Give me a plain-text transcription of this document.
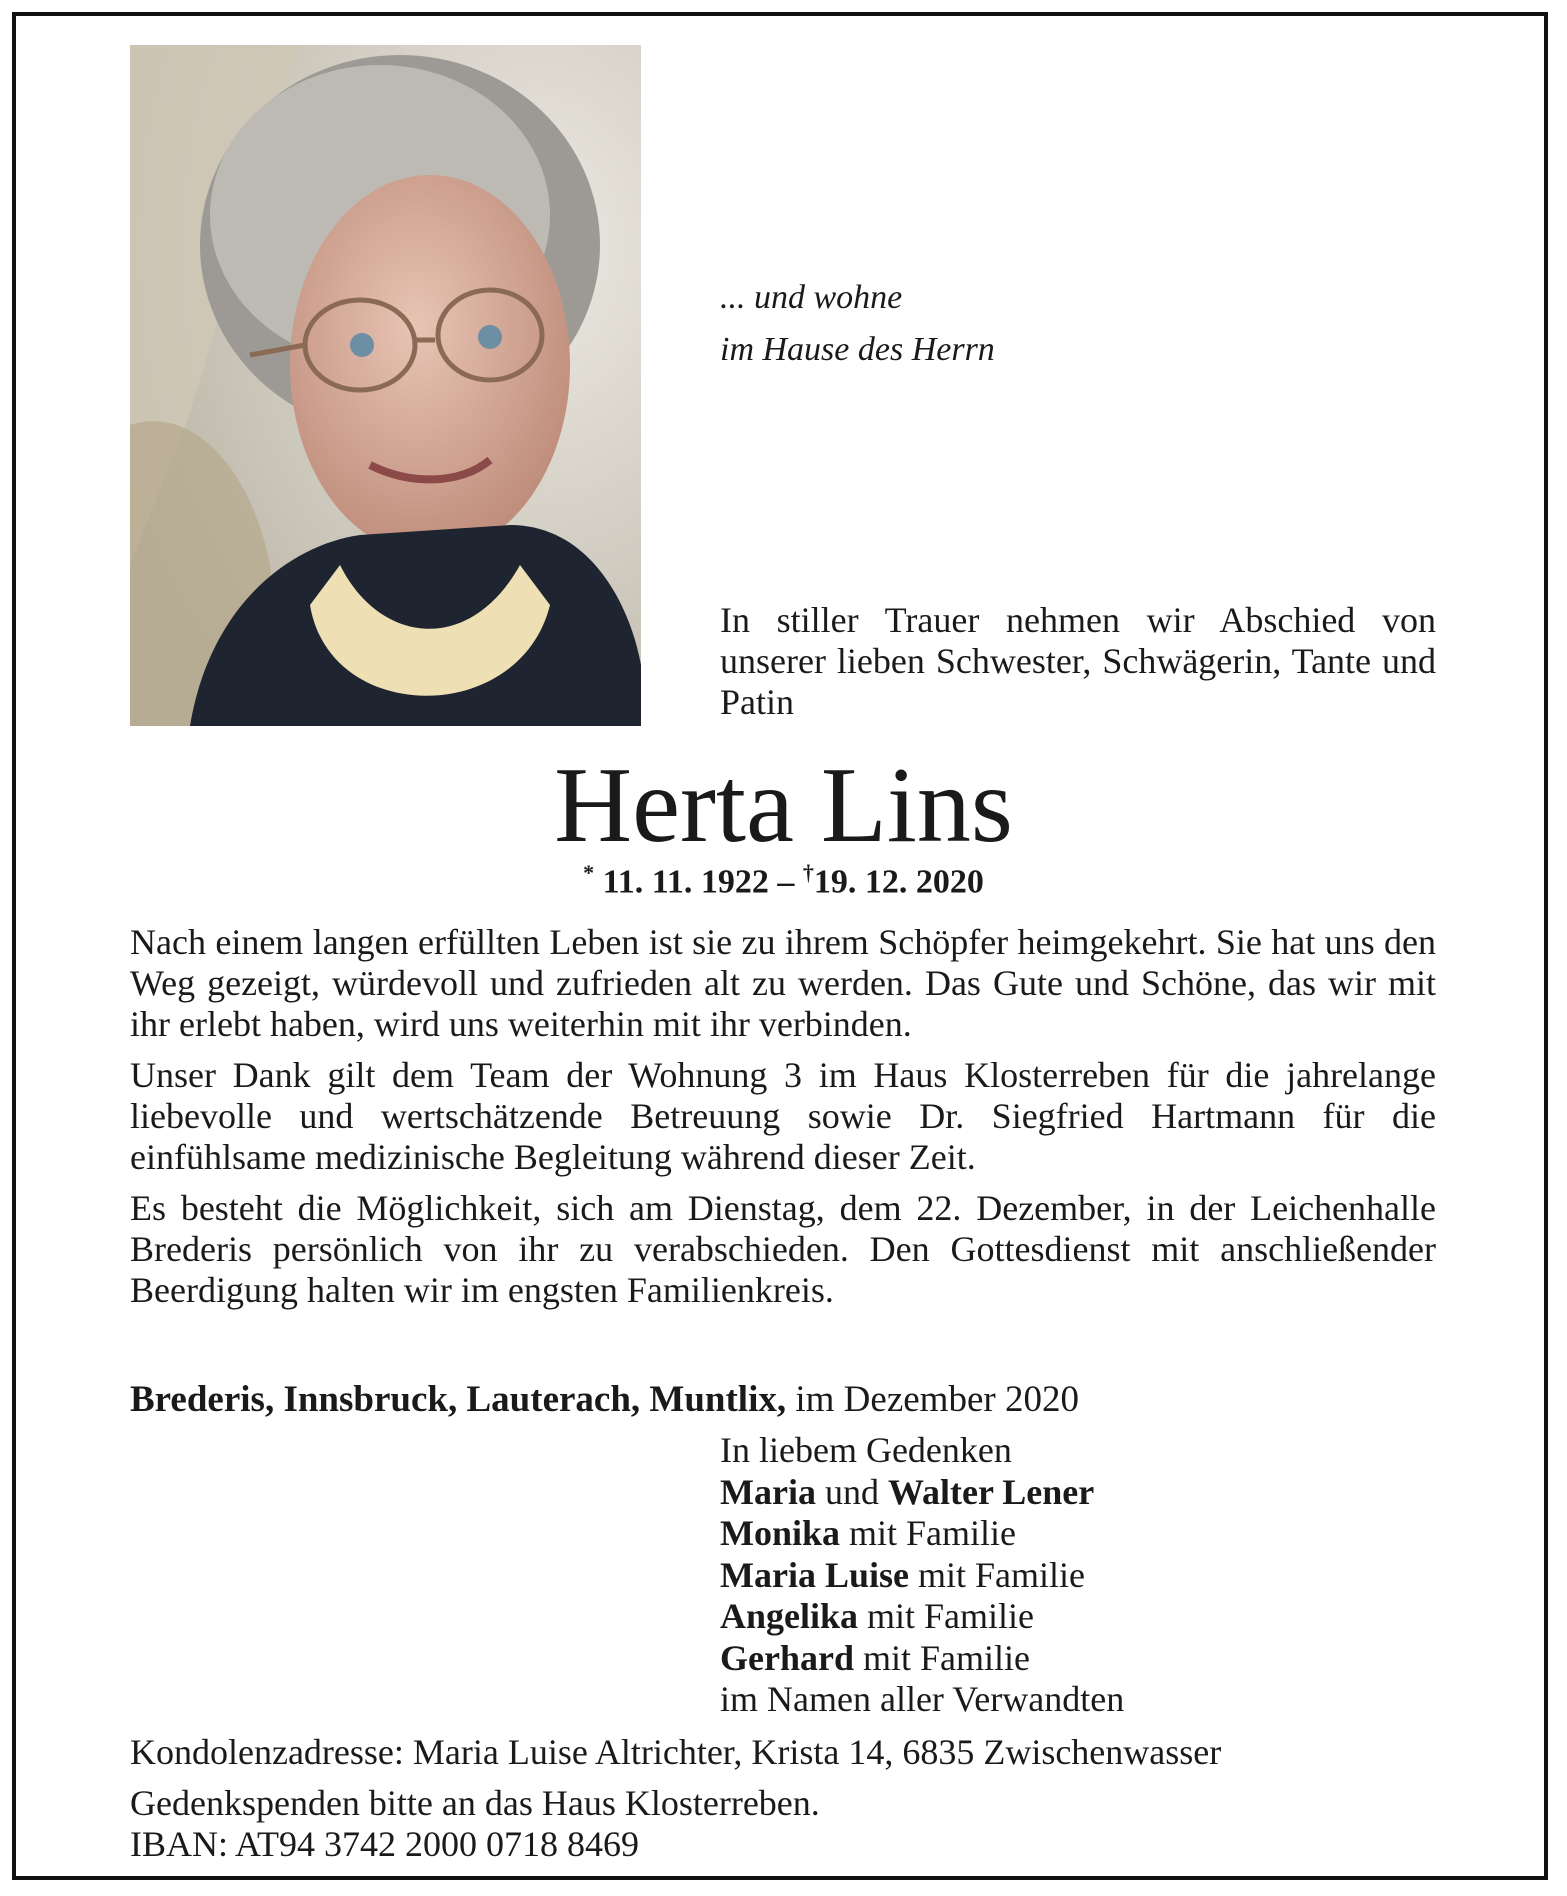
... und wohne
im Hause des Herrn
In stiller Trauer nehmen wir Abschied von unserer lieben Schwester, Schwägerin, Tante und Patin
Herta Lins
* 11. 11. 1922 – †19. 12. 2020

Nach einem langen erfüllten Leben ist sie zu ihrem Schöpfer heimgekehrt. Sie hat uns den Weg gezeigt, würdevoll und zufrieden alt zu werden. Das Gute und Schöne, das wir mit ihr erlebt haben, wird uns weiterhin mit ihr verbinden.

Unser Dank gilt dem Team der Wohnung 3 im Haus Klosterreben für die jahrelange liebevolle und wertschätzende Betreuung sowie Dr. Siegfried Hartmann für die einfühlsame medizinische Begleitung während dieser Zeit.

Es besteht die Möglichkeit, sich am Dienstag, dem 22. Dezember, in der Leichenhalle Brederis persönlich von ihr zu verabschieden. Den Gottesdienst mit anschließender Beerdigung halten wir im engsten Familienkreis.

Brederis, Innsbruck, Lauterach, Muntlix, im Dezember 2020
In liebem Gedenken
Maria und Walter Lener
Monika mit Familie
Maria Luise mit Familie
Angelika mit Familie
Gerhard mit Familie
im Namen aller Verwandten
Kondolenzadresse: Maria Luise Altrichter, Krista 14, 6835 Zwischenwasser
Gedenkspenden bitte an das Haus Klosterreben.
IBAN: AT94 3742 2000 0718 8469
